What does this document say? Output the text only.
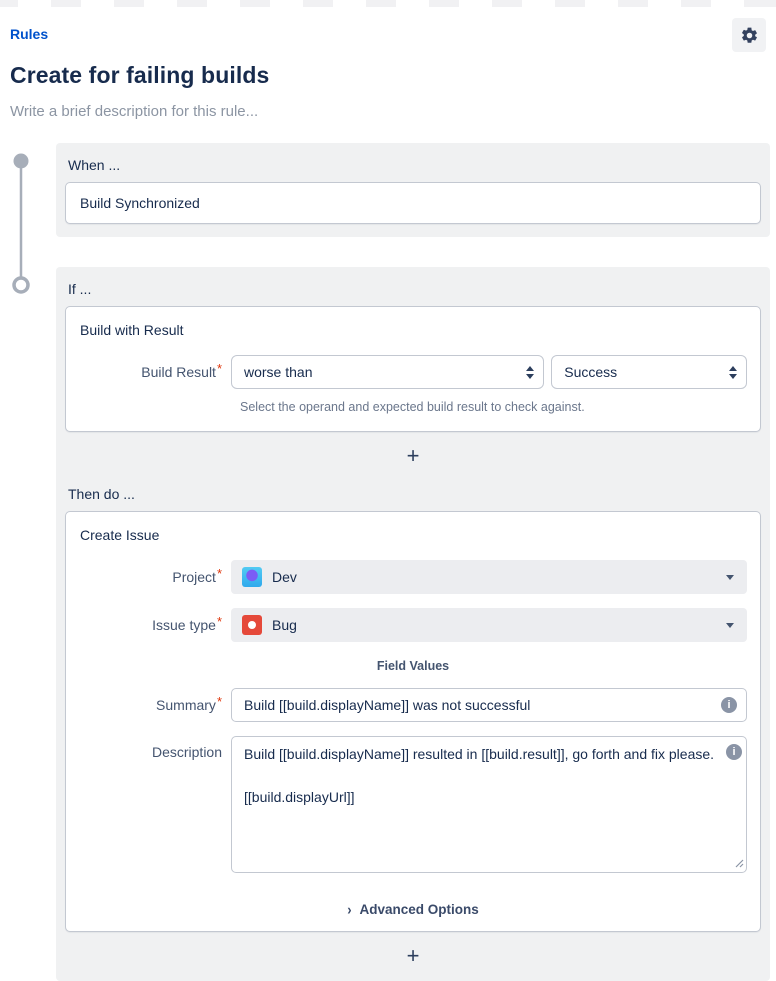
Rules
Create for failing builds
Write a brief description for this rule...
When ...
Build Synchronized
If ...
Build with Result
Build Result*	worse than	Success
Select the operand and expected build result to check against.
+
Then do ...
Create Issue
Project*	Dev
Issue type*	Bug
Field Values
Summary*	Build [[build.displayName]] was not successful	i
Description
Build [[build.displayName]] resulted in [[build.result]], go forth and fix please. [[build.displayUrl]]	i
› Advanced Options
+
